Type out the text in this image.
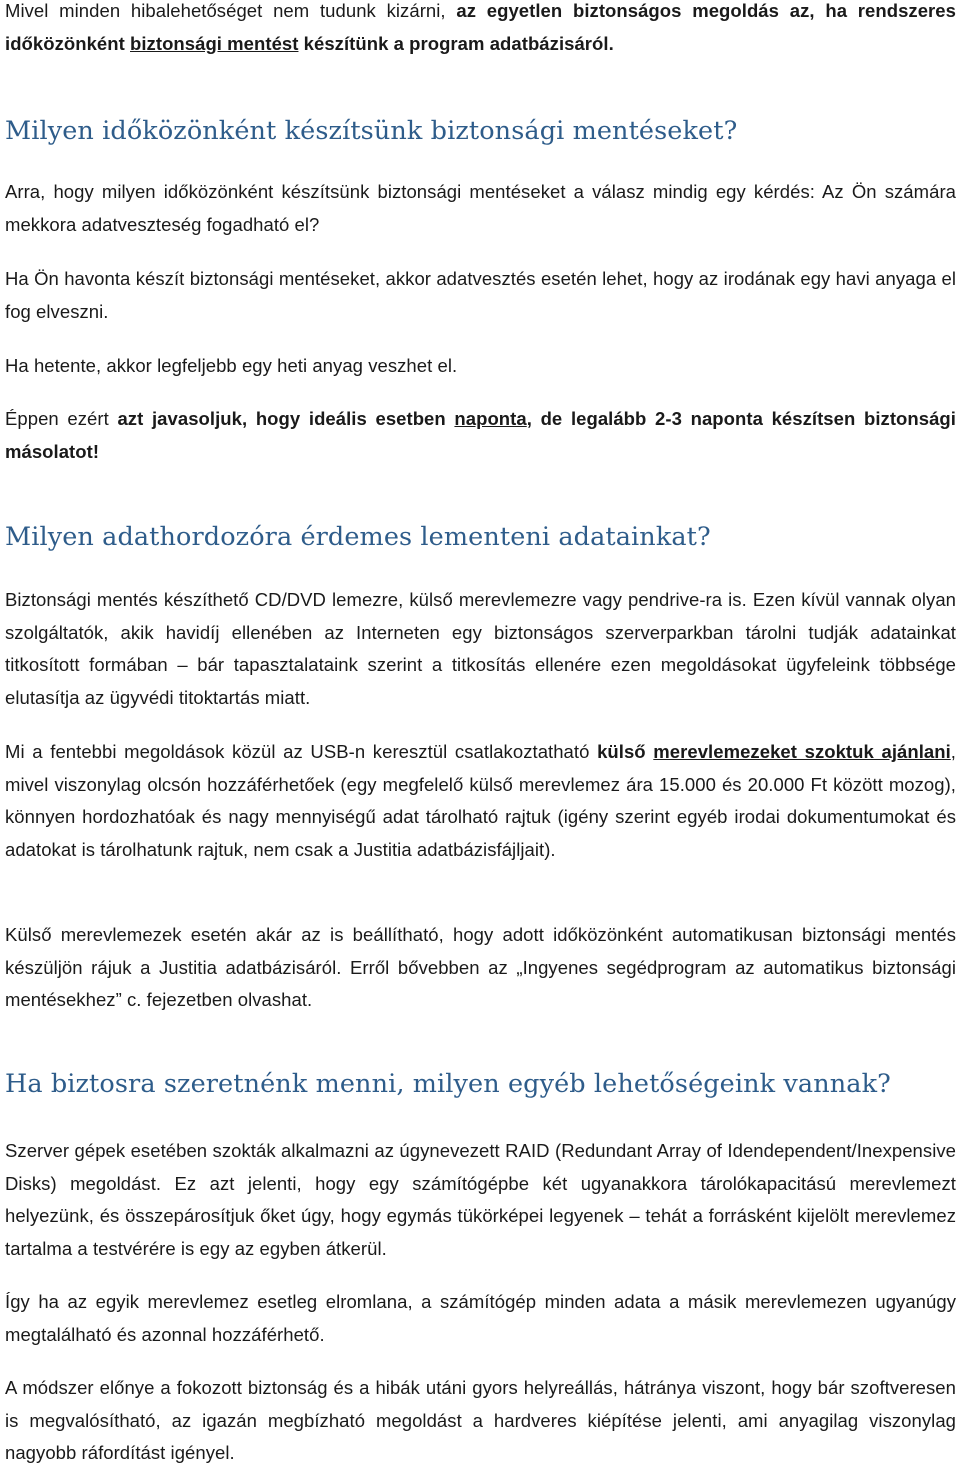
Mivel minden hibalehetőséget nem tudunk kizárni, az egyetlen biztonságos megoldás az, ha rendszeres időközönként biztonsági mentést készítünk a program adatbázisáról.

Milyen időközönként készítsünk biztonsági mentéseket?

Arra, hogy milyen időközönként készítsünk biztonsági mentéseket a válasz mindig egy kérdés: Az Ön számára mekkora adatveszteség fogadható el?

Ha Ön havonta készít biztonsági mentéseket, akkor adatvesztés esetén lehet, hogy az irodának egy havi anyaga el fog elveszni.

Ha hetente, akkor legfeljebb egy heti anyag veszhet el.

Éppen ezért azt javasoljuk, hogy ideális esetben naponta, de legalább 2-3 naponta készítsen biztonsági másolatot!

Milyen adathordozóra érdemes lementeni adatainkat?

Biztonsági mentés készíthető CD/DVD lemezre, külső merevlemezre vagy pendrive-ra is. Ezen kívül vannak olyan szolgáltatók, akik havidíj ellenében az Interneten egy biztonságos szerverparkban tárolni tudják adatainkat titkosított formában – bár tapasztalataink szerint a titkosítás ellenére ezen megoldásokat ügyfeleink többsége elutasítja az ügyvédi titoktartás miatt.

Mi a fentebbi megoldások közül az USB-n keresztül csatlakoztatható külső merevlemezeket szoktuk ajánlani, mivel viszonylag olcsón hozzáférhetőek (egy megfelelő külső merevlemez ára 15.000 és 20.000 Ft között mozog), könnyen hordozhatóak és nagy mennyiségű adat tárolható rajtuk (igény szerint egyéb irodai dokumentumokat és adatokat is tárolhatunk rajtuk, nem csak a Justitia adatbázisfájljait).

Külső merevlemezek esetén akár az is beállítható, hogy adott időközönként automatikusan biztonsági mentés készüljön rájuk a Justitia adatbázisáról. Erről bővebben az „Ingyenes segédprogram az automatikus biztonsági mentésekhez” c. fejezetben olvashat.

Ha biztosra szeretnénk menni, milyen egyéb lehetőségeink vannak?

Szerver gépek esetében szokták alkalmazni az úgynevezett RAID (Redundant Array of Idendependent/Inexpensive Disks) megoldást. Ez azt jelenti, hogy egy számítógépbe két ugyanakkora tárolókapacitású merevlemezt helyezünk, és összepárosítjuk őket úgy, hogy egymás tükörképei legyenek – tehát a forrásként kijelölt merevlemez tartalma a testvérére is egy az egyben átkerül.

Így ha az egyik merevlemez esetleg elromlana, a számítógép minden adata a másik merevlemezen ugyanúgy megtalálható és azonnal hozzáférhető.

A módszer előnye a fokozott biztonság és a hibák utáni gyors helyreállás, hátránya viszont, hogy bár szoftveresen is megvalósítható, az igazán megbízható megoldást a hardveres kiépítése jelenti, ami anyagilag viszonylag nagyobb ráfordítást igényel.
